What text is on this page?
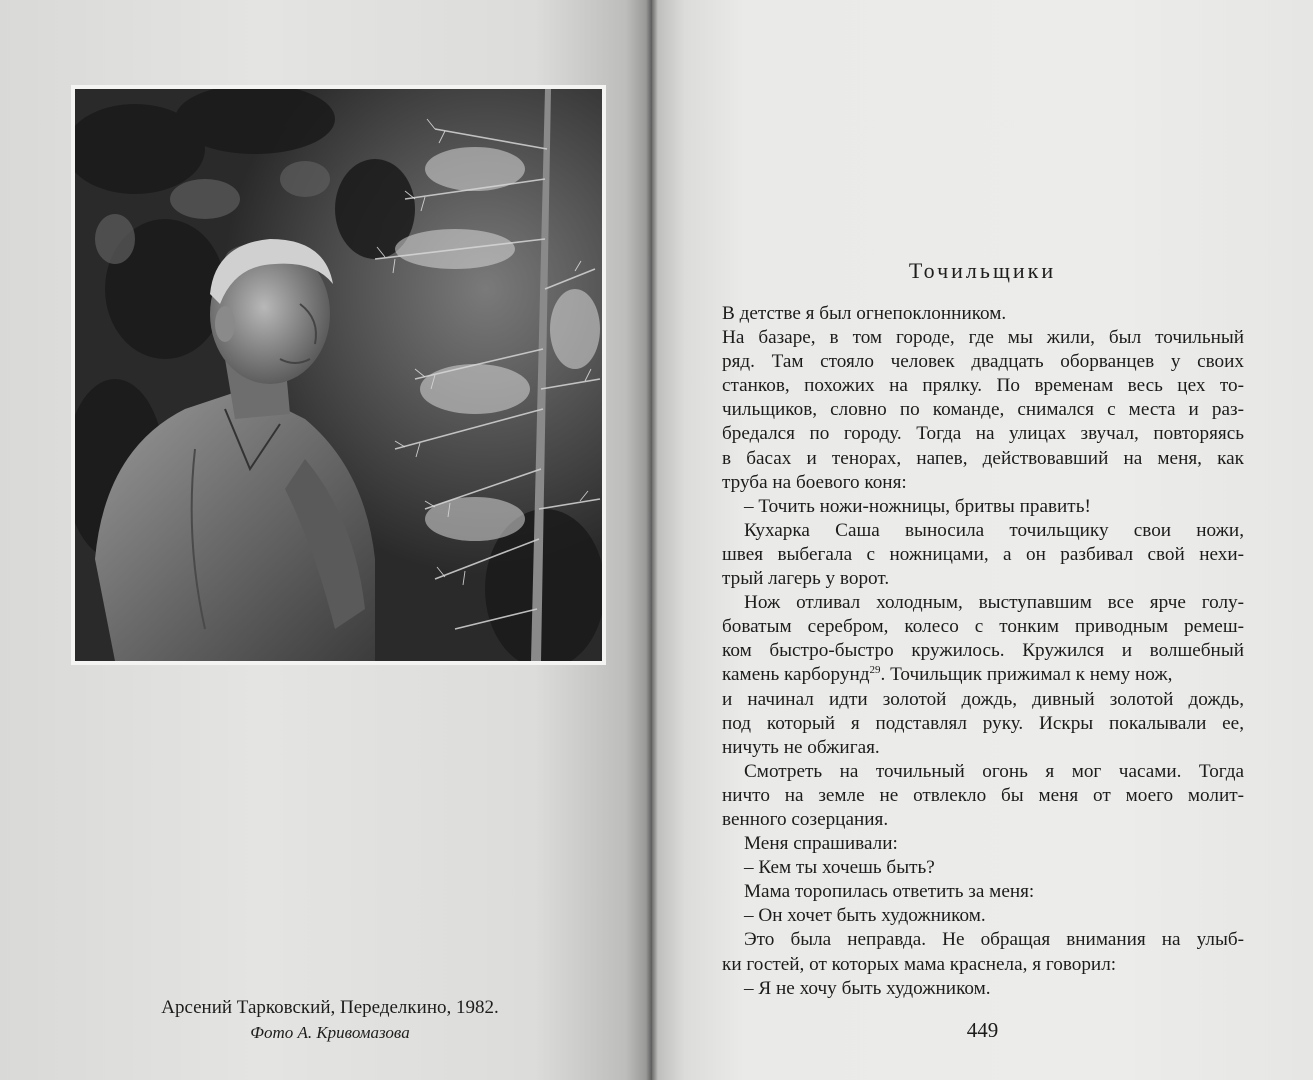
Арсений Тарковский, Переделкино, 1982.
Фото А. Кривомазова
Точильщики
В детстве я был огнепоклонником.
На базаре, в том городе, где мы жили, был точильный
ряд. Там стояло человек двадцать оборванцев у своих
станков, похожих на прялку. По временам весь цех то-
чильщиков, словно по команде, снимался с места и раз-
бредался по городу. Тогда на улицах звучал, повторяясь
в басах и тенорах, напев, действовавший на меня, как
труба на боевого коня:
– Точить ножи-ножницы, бритвы править!
Кухарка Саша выносила точильщику свои ножи,
швея выбегала с ножницами, а он разбивал свой нехи-
трый лагерь у ворот.
Нож отливал холодным, выступавшим все ярче голу-
боватым серебром, колесо с тонким приводным ремеш-
ком быстро-быстро кружилось. Кружился и волшебный
камень карборунд$^{29}$. Точильщик прижимал к нему нож,
и начинал идти золотой дождь, дивный золотой дождь,
под который я подставлял руку. Искры покалывали ее,
ничуть не обжигая.
Смотреть на точильный огонь я мог часами. Тогда
ничто на земле не отвлекло бы меня от моего молит-
венного созерцания.
Меня спрашивали:
– Кем ты хочешь быть?
Мама торопилась ответить за меня:
– Он хочет быть художником.
Это была неправда. Не обращая внимания на улыб-
ки гостей, от которых мама краснела, я говорил:
– Я не хочу быть художником.
449
